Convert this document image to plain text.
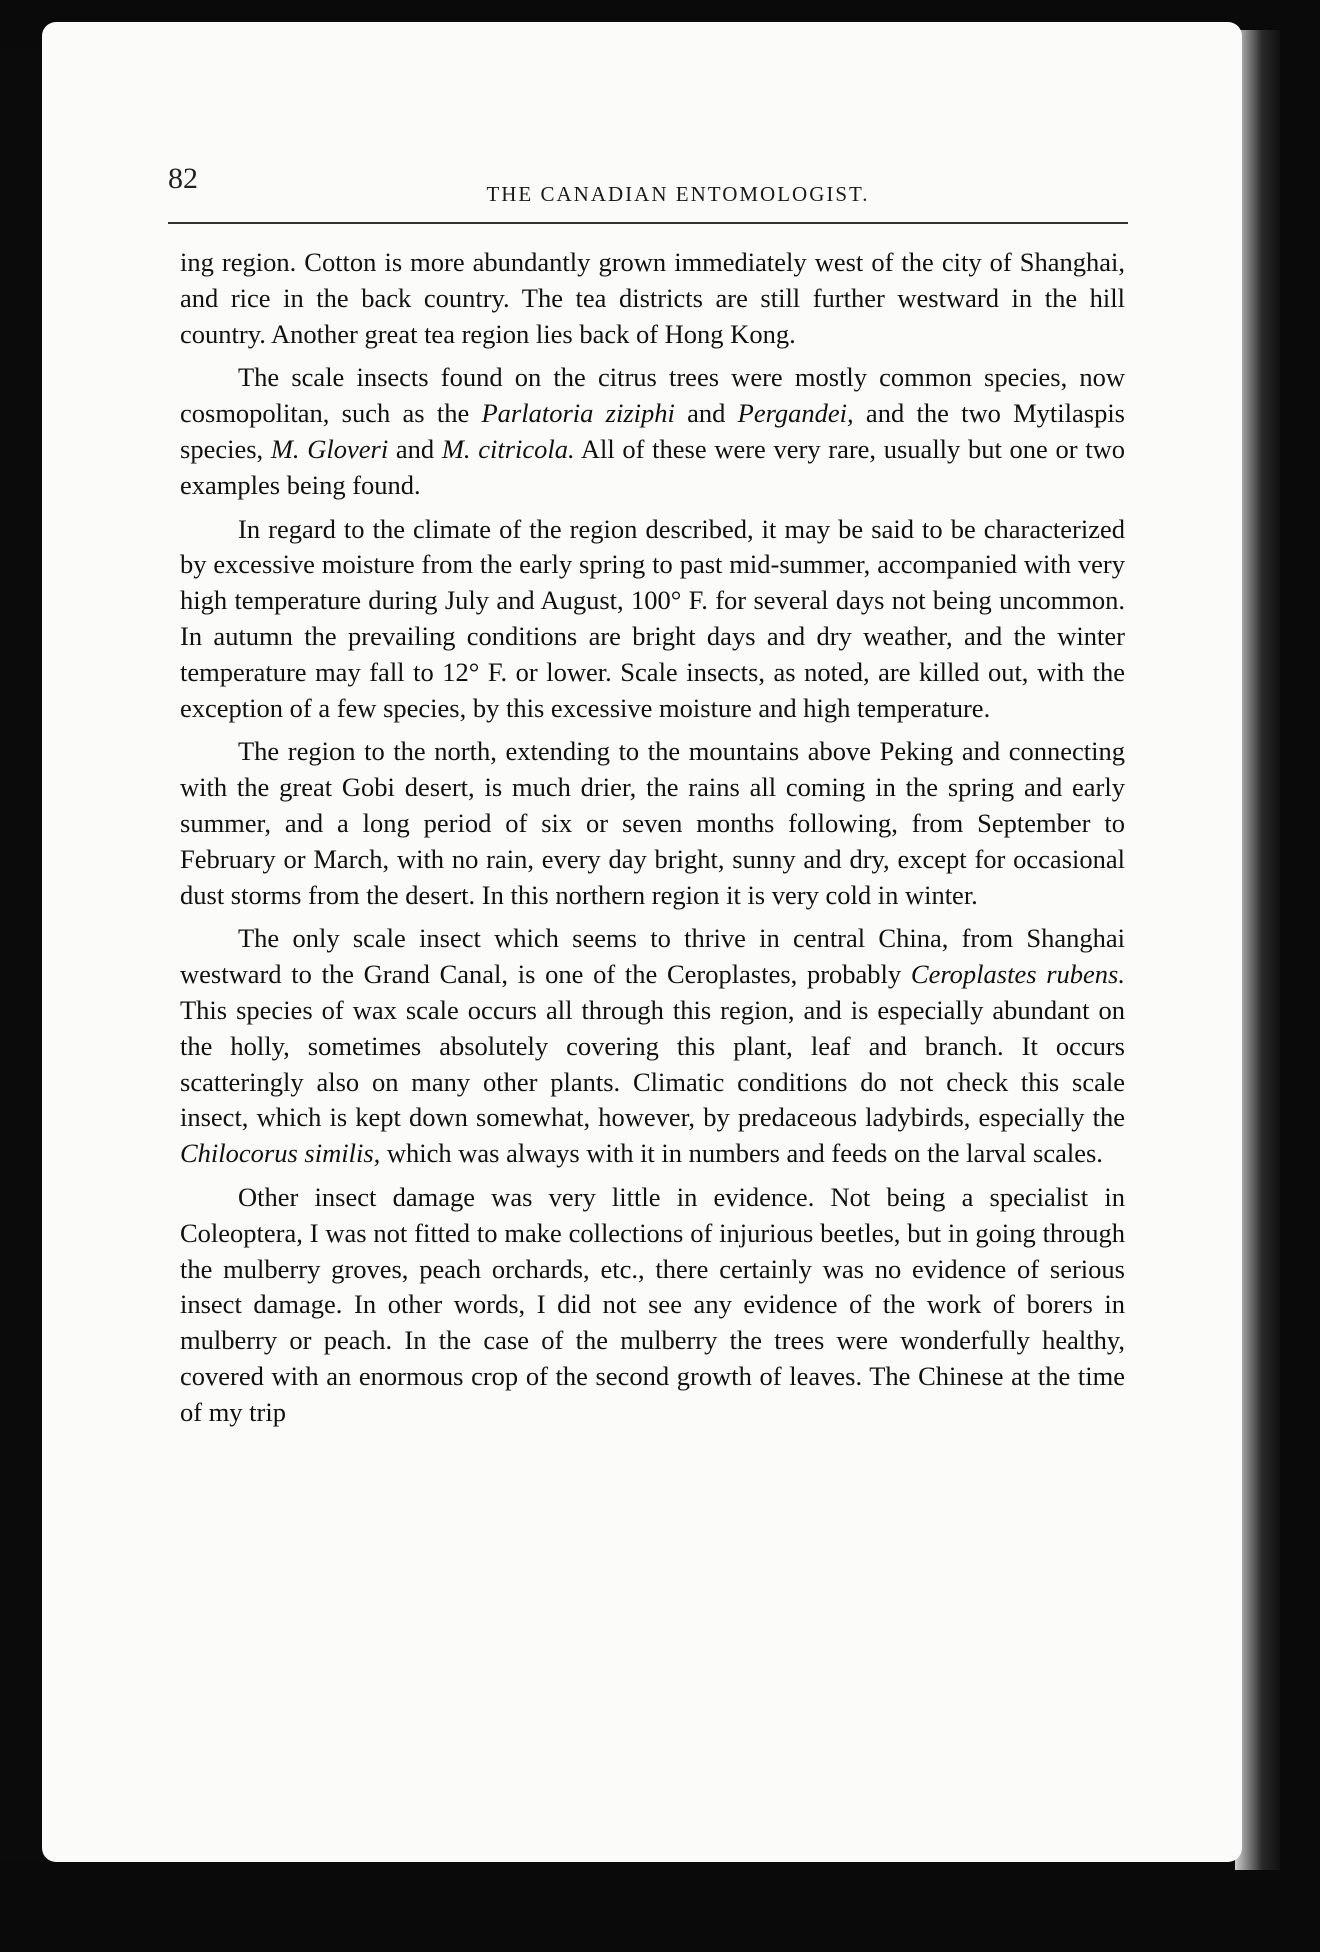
82	THE CANADIAN ENTOMOLOGIST.

ing region. Cotton is more abundantly grown immediately west of the city of Shanghai, and rice in the back country. The tea districts are still further westward in the hill country. Another great tea region lies back of Hong Kong.

The scale insects found on the citrus trees were mostly common species, now cosmopolitan, such as the Parlatoria ziziphi and Pergandei, and the two Mytilaspis species, M. Gloveri and M. citricola. All of these were very rare, usually but one or two examples being found.

In regard to the climate of the region described, it may be said to be characterized by excessive moisture from the early spring to past mid-summer, accompanied with very high temperature during July and August, 100° F. for several days not being uncommon. In autumn the prevailing conditions are bright days and dry weather, and the winter temperature may fall to 12° F. or lower. Scale insects, as noted, are killed out, with the exception of a few species, by this excessive moisture and high temperature.

The region to the north, extending to the mountains above Peking and connecting with the great Gobi desert, is much drier, the rains all coming in the spring and early summer, and a long period of six or seven months following, from September to February or March, with no rain, every day bright, sunny and dry, except for occasional dust storms from the desert. In this northern region it is very cold in winter.

The only scale insect which seems to thrive in central China, from Shanghai westward to the Grand Canal, is one of the Ceroplastes, probably Ceroplastes rubens. This species of wax scale occurs all through this region, and is especially abundant on the holly, sometimes absolutely covering this plant, leaf and branch. It occurs scatteringly also on many other plants. Climatic conditions do not check this scale insect, which is kept down somewhat, however, by predaceous ladybirds, especially the Chilocorus similis, which was always with it in numbers and feeds on the larval scales.

Other insect damage was very little in evidence. Not being a specialist in Coleoptera, I was not fitted to make collections of injurious beetles, but in going through the mulberry groves, peach orchards, etc., there certainly was no evidence of serious insect damage. In other words, I did not see any evidence of the work of borers in mulberry or peach. In the case of the mulberry the trees were wonderfully healthy, covered with an enormous crop of the second growth of leaves. The Chinese at the time of my trip
